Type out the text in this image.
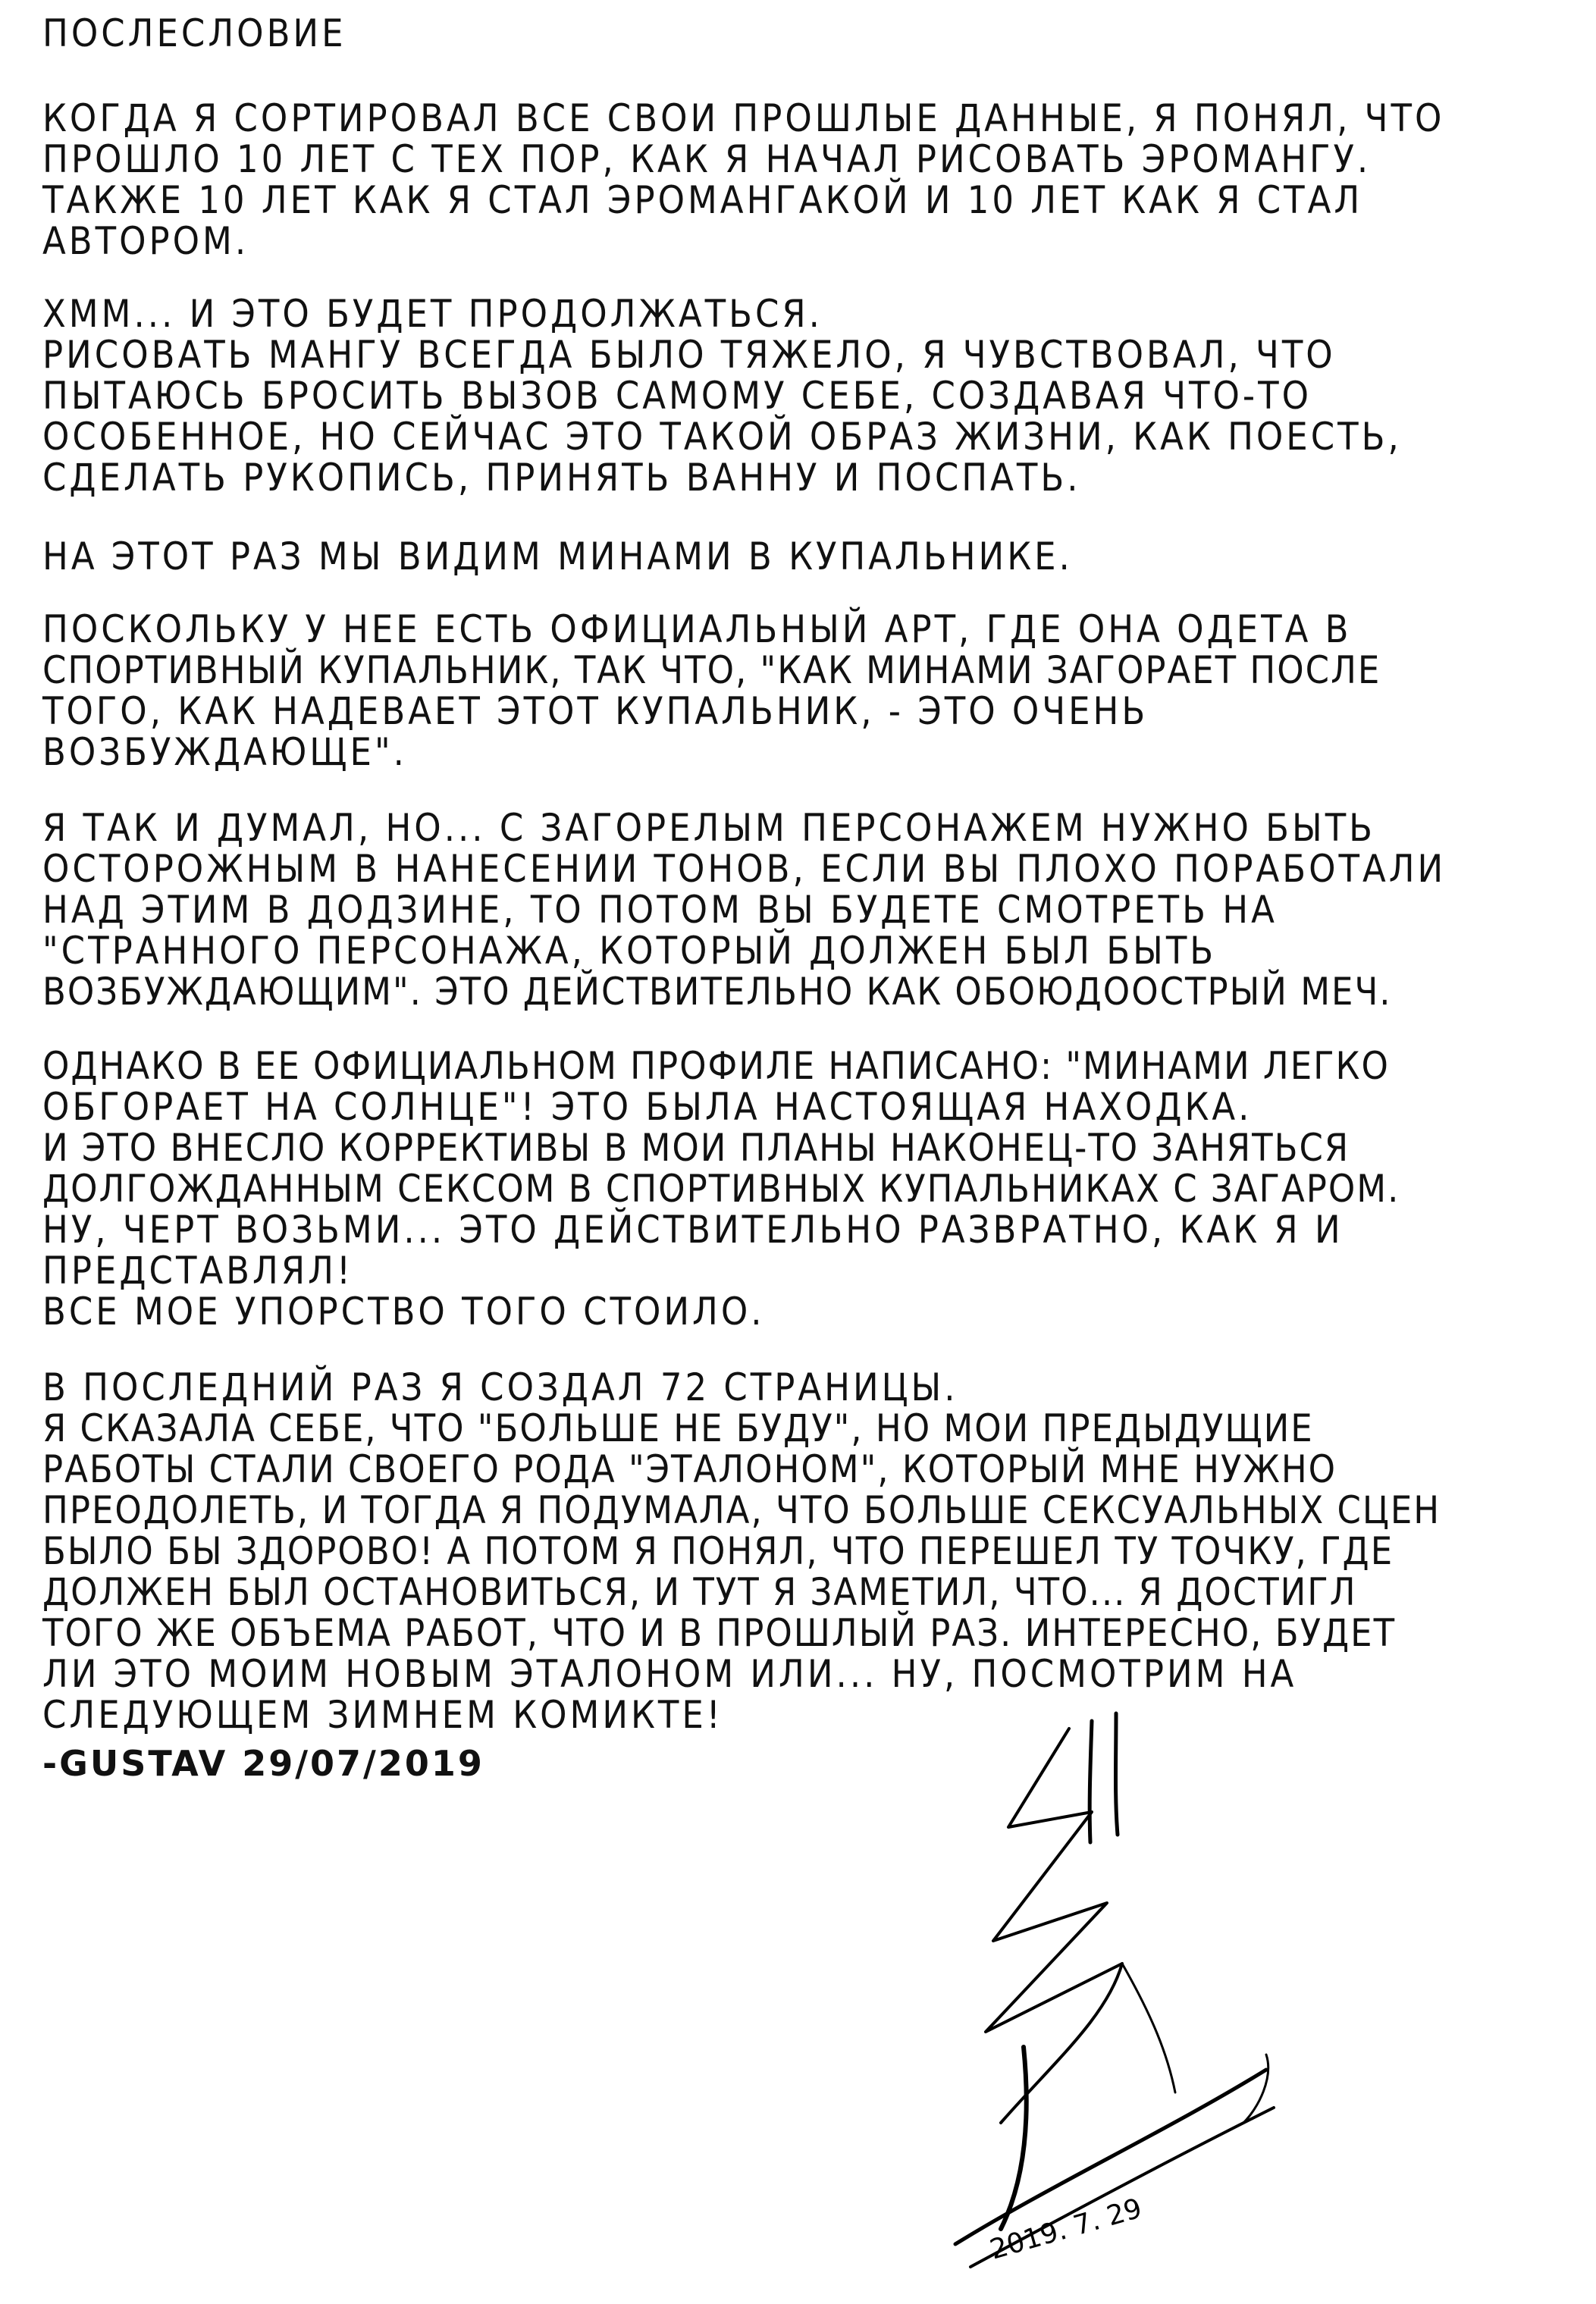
ПОСЛЕСЛОВИЕ
КОГДА Я СОРТИРОВАЛ ВСЕ СВОИ ПРОШЛЫЕ ДАННЫЕ, Я ПОНЯЛ, ЧТО
ПРОШЛО 10 ЛЕТ С ТЕХ ПОР, КАК Я НАЧАЛ РИСОВАТЬ ЭРОМАНГУ.
ТАКЖЕ 10 ЛЕТ КАК Я СТАЛ ЭРОМАНГАКОЙ И 10 ЛЕТ КАК Я СТАЛ
АВТОРОМ.
ХММ... И ЭТО БУДЕТ ПРОДОЛЖАТЬСЯ.
РИСОВАТЬ МАНГУ ВСЕГДА БЫЛО ТЯЖЕЛО, Я ЧУВСТВОВАЛ, ЧТО
ПЫТАЮСЬ БРОСИТЬ ВЫЗОВ САМОМУ СЕБЕ, СОЗДАВАЯ ЧТО-ТО
ОСОБЕННОЕ, НО СЕЙЧАС ЭТО ТАКОЙ ОБРАЗ ЖИЗНИ, КАК ПОЕСТЬ,
СДЕЛАТЬ РУКОПИСЬ, ПРИНЯТЬ ВАННУ И ПОСПАТЬ.
НА ЭТОТ РАЗ МЫ ВИДИМ МИНАМИ В КУПАЛЬНИКЕ.
ПОСКОЛЬКУ У НЕЕ ЕСТЬ ОФИЦИАЛЬНЫЙ АРТ, ГДЕ ОНА ОДЕТА В
СПОРТИВНЫЙ КУПАЛЬНИК, ТАК ЧТО, "КАК МИНАМИ ЗАГОРАЕТ ПОСЛЕ
ТОГО, КАК НАДЕВАЕТ ЭТОТ КУПАЛЬНИК, - ЭТО ОЧЕНЬ
ВОЗБУЖДАЮЩЕ".
Я ТАК И ДУМАЛ, НО... С ЗАГОРЕЛЫМ ПЕРСОНАЖЕМ НУЖНО БЫТЬ
ОСТОРОЖНЫМ В НАНЕСЕНИИ ТОНОВ, ЕСЛИ ВЫ ПЛОХО ПОРАБОТАЛИ
НАД ЭТИМ В ДОДЗИНЕ, ТО ПОТОМ ВЫ БУДЕТЕ СМОТРЕТЬ НА
"СТРАННОГО ПЕРСОНАЖА, КОТОРЫЙ ДОЛЖЕН БЫЛ БЫТЬ
ВОЗБУЖДАЮЩИМ". ЭТО ДЕЙСТВИТЕЛЬНО КАК ОБОЮДООСТРЫЙ МЕЧ.
ОДНАКО В ЕЕ ОФИЦИАЛЬНОМ ПРОФИЛЕ НАПИСАНО: "МИНАМИ ЛЕГКО
ОБГОРАЕТ НА СОЛНЦЕ"! ЭТО БЫЛА НАСТОЯЩАЯ НАХОДКА.
И ЭТО ВНЕСЛО КОРРЕКТИВЫ В МОИ ПЛАНЫ НАКОНЕЦ-ТО ЗАНЯТЬСЯ
ДОЛГОЖДАННЫМ СЕКСОМ В СПОРТИВНЫХ КУПАЛЬНИКАХ С ЗАГАРОМ.
НУ, ЧЕРТ ВОЗЬМИ... ЭТО ДЕЙСТВИТЕЛЬНО РАЗВРАТНО, КАК Я И
ПРЕДСТАВЛЯЛ!
ВСЕ МОЕ УПОРСТВО ТОГО СТОИЛО.
В ПОСЛЕДНИЙ РАЗ Я СОЗДАЛ 72 СТРАНИЦЫ.
Я СКАЗАЛА СЕБЕ, ЧТО "БОЛЬШЕ НЕ БУДУ", НО МОИ ПРЕДЫДУЩИЕ
РАБОТЫ СТАЛИ СВОЕГО РОДА "ЭТАЛОНОМ", КОТОРЫЙ МНЕ НУЖНО
ПРЕОДОЛЕТЬ, И ТОГДА Я ПОДУМАЛА, ЧТО БОЛЬШЕ СЕКСУАЛЬНЫХ СЦЕН
БЫЛО БЫ ЗДОРОВО! А ПОТОМ Я ПОНЯЛ, ЧТО ПЕРЕШЕЛ ТУ ТОЧКУ, ГДЕ
ДОЛЖЕН БЫЛ ОСТАНОВИТЬСЯ, И ТУТ Я ЗАМЕТИЛ, ЧТО... Я ДОСТИГЛ
ТОГО ЖЕ ОБЪЕМА РАБОТ, ЧТО И В ПРОШЛЫЙ РАЗ. ИНТЕРЕСНО, БУДЕТ
ЛИ ЭТО МОИМ НОВЫМ ЭТАЛОНОМ ИЛИ... НУ, ПОСМОТРИМ НА
СЛЕДУЮЩЕМ ЗИМНЕМ КОМИКТЕ!
-GUSTAV 29/07/2019
2019. 7. 29
